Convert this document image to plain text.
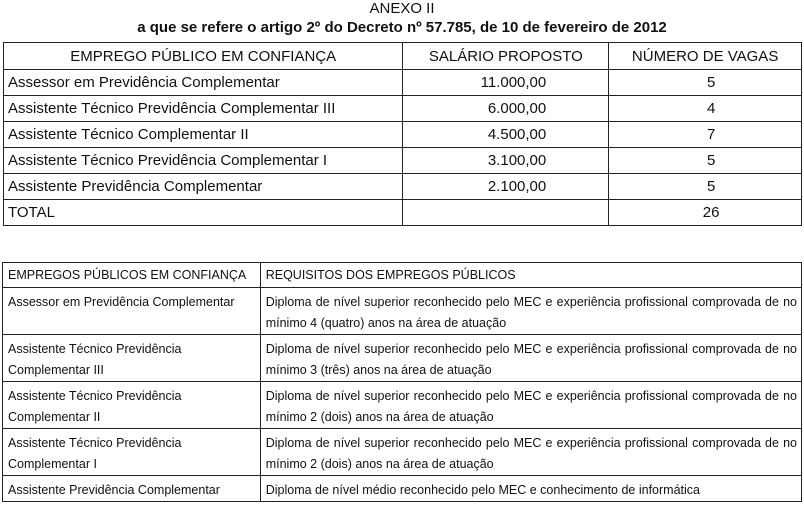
ANEXO II
a que se refere o artigo 2º do Decreto nº 57.785, de 10 de fevereiro de 2012
EMPREGO PÚBLICO EM CONFIANÇA	SALÁRIO PROPOSTO	NÚMERO DE VAGAS
Assessor em Previdência Complementar	11.000,00	5
Assistente Técnico Previdência Complementar III	6.000,00	4
Assistente Técnico Complementar II	4.500,00	7
Assistente Técnico Previdência Complementar I	3.100,00	5
Assistente Previdência Complementar	2.100,00	5
TOTAL		26
EMPREGOS PÚBLICOS EM CONFIANÇA	REQUISITOS DOS EMPREGOS PÚBLICOS
Assessor em Previdência Complementar	Diploma de nível superior reconhecido pelo MEC e experiência profissional comprovada de no mínimo 4 (quatro) anos na área de atuação
Assistente Técnico Previdência Complementar III	Diploma de nível superior reconhecido pelo MEC e experiência profissional comprovada de no mínimo 3 (três) anos na área de atuação
Assistente Técnico Previdência Complementar II	Diploma de nível superior reconhecido pelo MEC e experiência profissional comprovada de no mínimo 2 (dois) anos na área de atuação
Assistente Técnico Previdência Complementar I	Diploma de nível superior reconhecido pelo MEC e experiência profissional comprovada de no mínimo 2 (dois) anos na área de atuação
Assistente Previdência Complementar	Diploma de nível médio reconhecido pelo MEC e conhecimento de informática
